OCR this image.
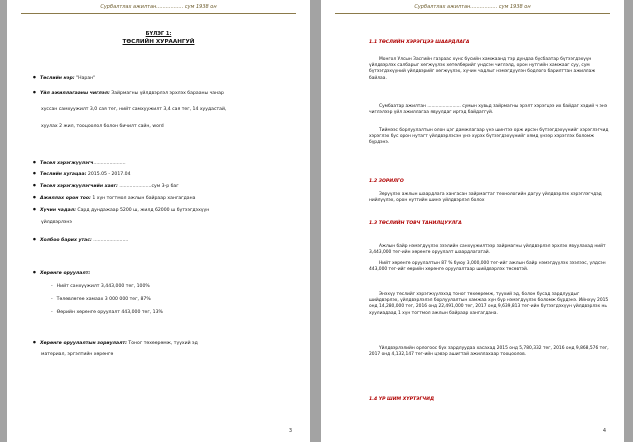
Сурбалтлах ажилтан................. сум 1938 он
БҮЛЭГ 1:
ТӨСЛИЙН ХУРААНГУЙ
● Төслийн нэр: "Наран"
● Үйл ажиллагааны чиглэл: Зайрмагны үйлдвэрлэл эрхлэх барааны чанар
хуссан самхуужилт 3,0 сая тег, нийт самхуужилт 3,4 сая тег, 14 хуудастай,
хуулах 2 жил, тооцоолол болон бичилт сайн, word
● Төсөл хэрэгжүүлэгч......................
● Төслийн хугацаа: 2015.05 - 2017.04
● Төсөл хэрэгжүүлэгчийн хаяг: ......................сум 3-р баг
● Ажиллах орон тоо: 1 хүн тогтмол ажлын байраар хангагдана
● Хүчин чадал: Сард дундажаар 5200 ш, жилд 62000 ш бүтээгдэхүүн
үйлдвэрлэнэ
● Холбоо барих утас: ........................
● Хөрөнгө оруулалт:
- Нийт санхүүжилт 3,443,000 тег, 100%
- Төлөвлөгөө хамаах 3 000 000 тег, 87%
- Өөрийн хөрөнгө оруулалт 443,000 тег, 13%
● Хөрөнгө оруулалтын зориулалт: Тоног төхөөрөмж, түүхий эд
материал, эргэлтийн хөрөнгө
3
Сурбалтлах ажилтан................. сум 1938 он
1.1 ТӨСЛИЙН ХЭРЭГЦЭЭ ШААРДЛАГА
Монгол Улсын Засгийн газраас хүнс бүсийн хамжаанд тэр дундаа бүсбаатар бүтээгдэхүүн үйлдвэрлэх салбарыг хөгжүүлэх хөтөлбөрийг үндсэн чиглэлд, орон нутгийн хамжааг суу, сум бүтээгдэхүүний үйлдвэрийг хөгжүүлэх, хүчин чадлыг нэмэгдүүлэн бодлого барилттан ажиллаж байлаа.
Сумбаатар ажилтан ........................ сумын хувьд зайрмагны эрэлт хэрэгцээ их байдаг хэдий ч энэ чиглэлээр үйл ажиллагаа явуулдаг иргэд байдаггүй.
Тиймээс борлуулалтын олон цэг дамжлагаар үнэ шинтээ орж ирсэн бүтээгдэхүүнийг хэрэглэгчид хэрэглэх бус орон нутагт үйлдвэрлэсэн үнэ хүрэх бүтээгдэхүүнийг хямд үнээр хэрэглэх боломж бүрдэнэ.
1.2 ЗОРИЛГО
Зөрүүлэх ажлын шаардлага хангасан зайрмагтаг технологийн дагуу үйлдвэрлэх хэрэглэгчдэд нийлүүлэх, орон нутгийн шинэ үйлдвэрлэл болох
1.3 ТӨСЛИЙН ТОВЧ ТАНИЛЦУУЛГА
Ажлын байр нэмэгдүүлэх зээлийн санхүүжилтээр зайрмагны үйлдвэрлэл эрхлэх явуулахад нийт 3,443,000 тег-ийн хөрөнгө оруулалт шаардлагатай.
Нийт хөрөнгө оруулалтын 87 % буюу 3,000,000 тег-ийг ажлын байр нэмэгдүүлэх зээлээс, үлдсэн 443,000 тег-ийг өөрийн хөрөнгө оруулалтаар шийдвэрлэх төсөвтэй.
Энэхүү төслийг хэрэгжүүлэхэд тоног төхөөрөмж, түүхий эд, болон бусад зардлуудыг шийдвэрлэх, үйлдвэрлэлэл борлуулалтын хамжаа хүн бүр нэмэгдүүлэх боломж бүрдэнэ. Ийнхүү 2015 онд 14,280,000 тег, 2016 онд 22,491,000 тег, 2017 онд 9,639,813 тег-ийн бүтээгдэхүүн үйлдвэрлэх нь хуулиадаад 1 хүн тогтмол ажлын байраар хангагдана.
Үйлдвэрлэлийн орлогоос бүх зардлуудаа хасахад 2015 онд 5,780,332 тег, 2016 онд 9,868,576 тег, 2017 онд 4,132,147 тег-ийн цэвэр ашигтай ажиллахаар тооцоолов.
1.4 ҮР ШИМ ХҮРТЭГЧИД
4
